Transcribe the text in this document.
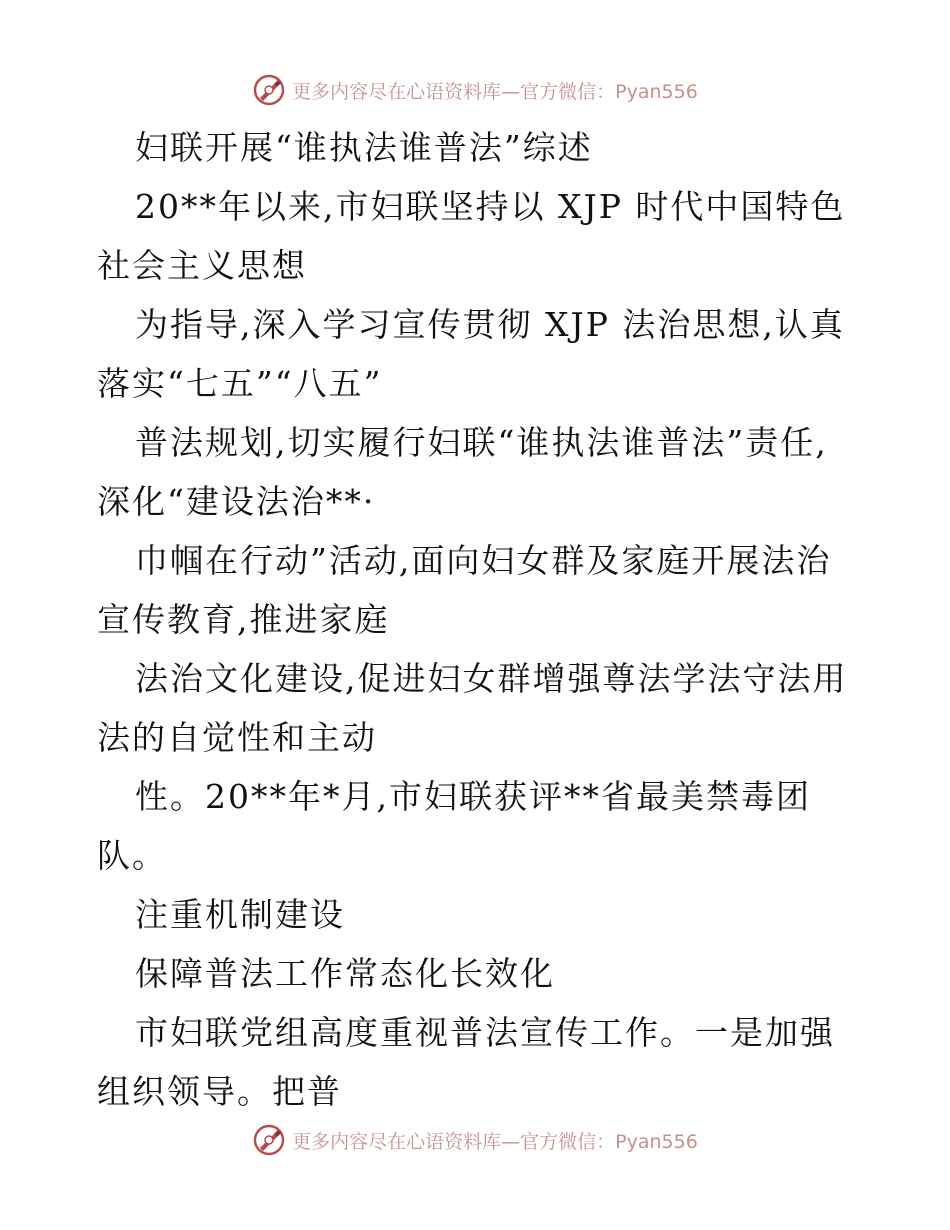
更多内容尽在心语资料库—官方微信：Pyan556

妇联开展“谁执法谁普法”综述

20**年以来,市妇联坚持以 XJP 时代中国特色社会主义思想

为指导,深入学习宣传贯彻 XJP 法治思想,认真落实“七五”“八五”

普法规划,切实履行妇联“谁执法谁普法”责任,深化“建设法治**·

巾帼在行动”活动,面向妇女群及家庭开展法治宣传教育,推进家庭

法治文化建设,促进妇女群增强尊法学法守法用法的自觉性和主动

性。20**年*月,市妇联获评**省最美禁毒团队。

注重机制建设

保障普法工作常态化长效化

市妇联党组高度重视普法宣传工作。一是加强组织领导。把普

更多内容尽在心语资料库—官方微信：Pyan556
